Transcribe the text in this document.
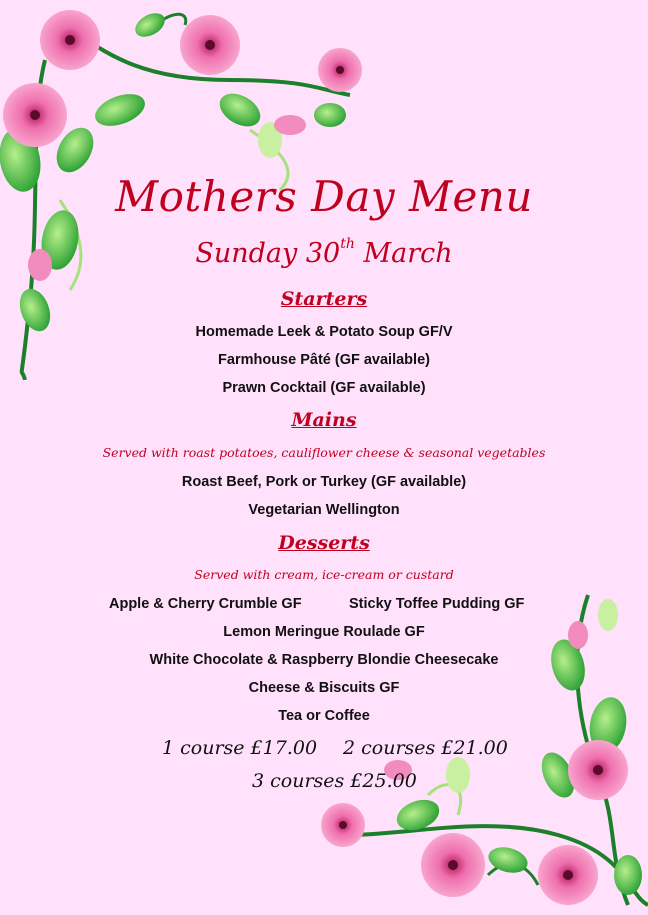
Mothers Day Menu
Sunday 30th March
Starters
Homemade Leek & Potato Soup GF/V
Farmhouse Pâté (GF available)
Prawn Cocktail (GF available)
Mains
Served with roast potatoes, cauliflower cheese & seasonal vegetables
Roast Beef, Pork or Turkey (GF available)
Vegetarian Wellington
Desserts
Served with cream, ice-cream or custard
Apple & Cherry Crumble GF	Sticky Toffee Pudding GF
Lemon Meringue Roulade GF
White Chocolate & Raspberry Blondie Cheesecake
Cheese & Biscuits GF
Tea or Coffee
1 course £17.00 2 courses £21.00
3 courses £25.00
